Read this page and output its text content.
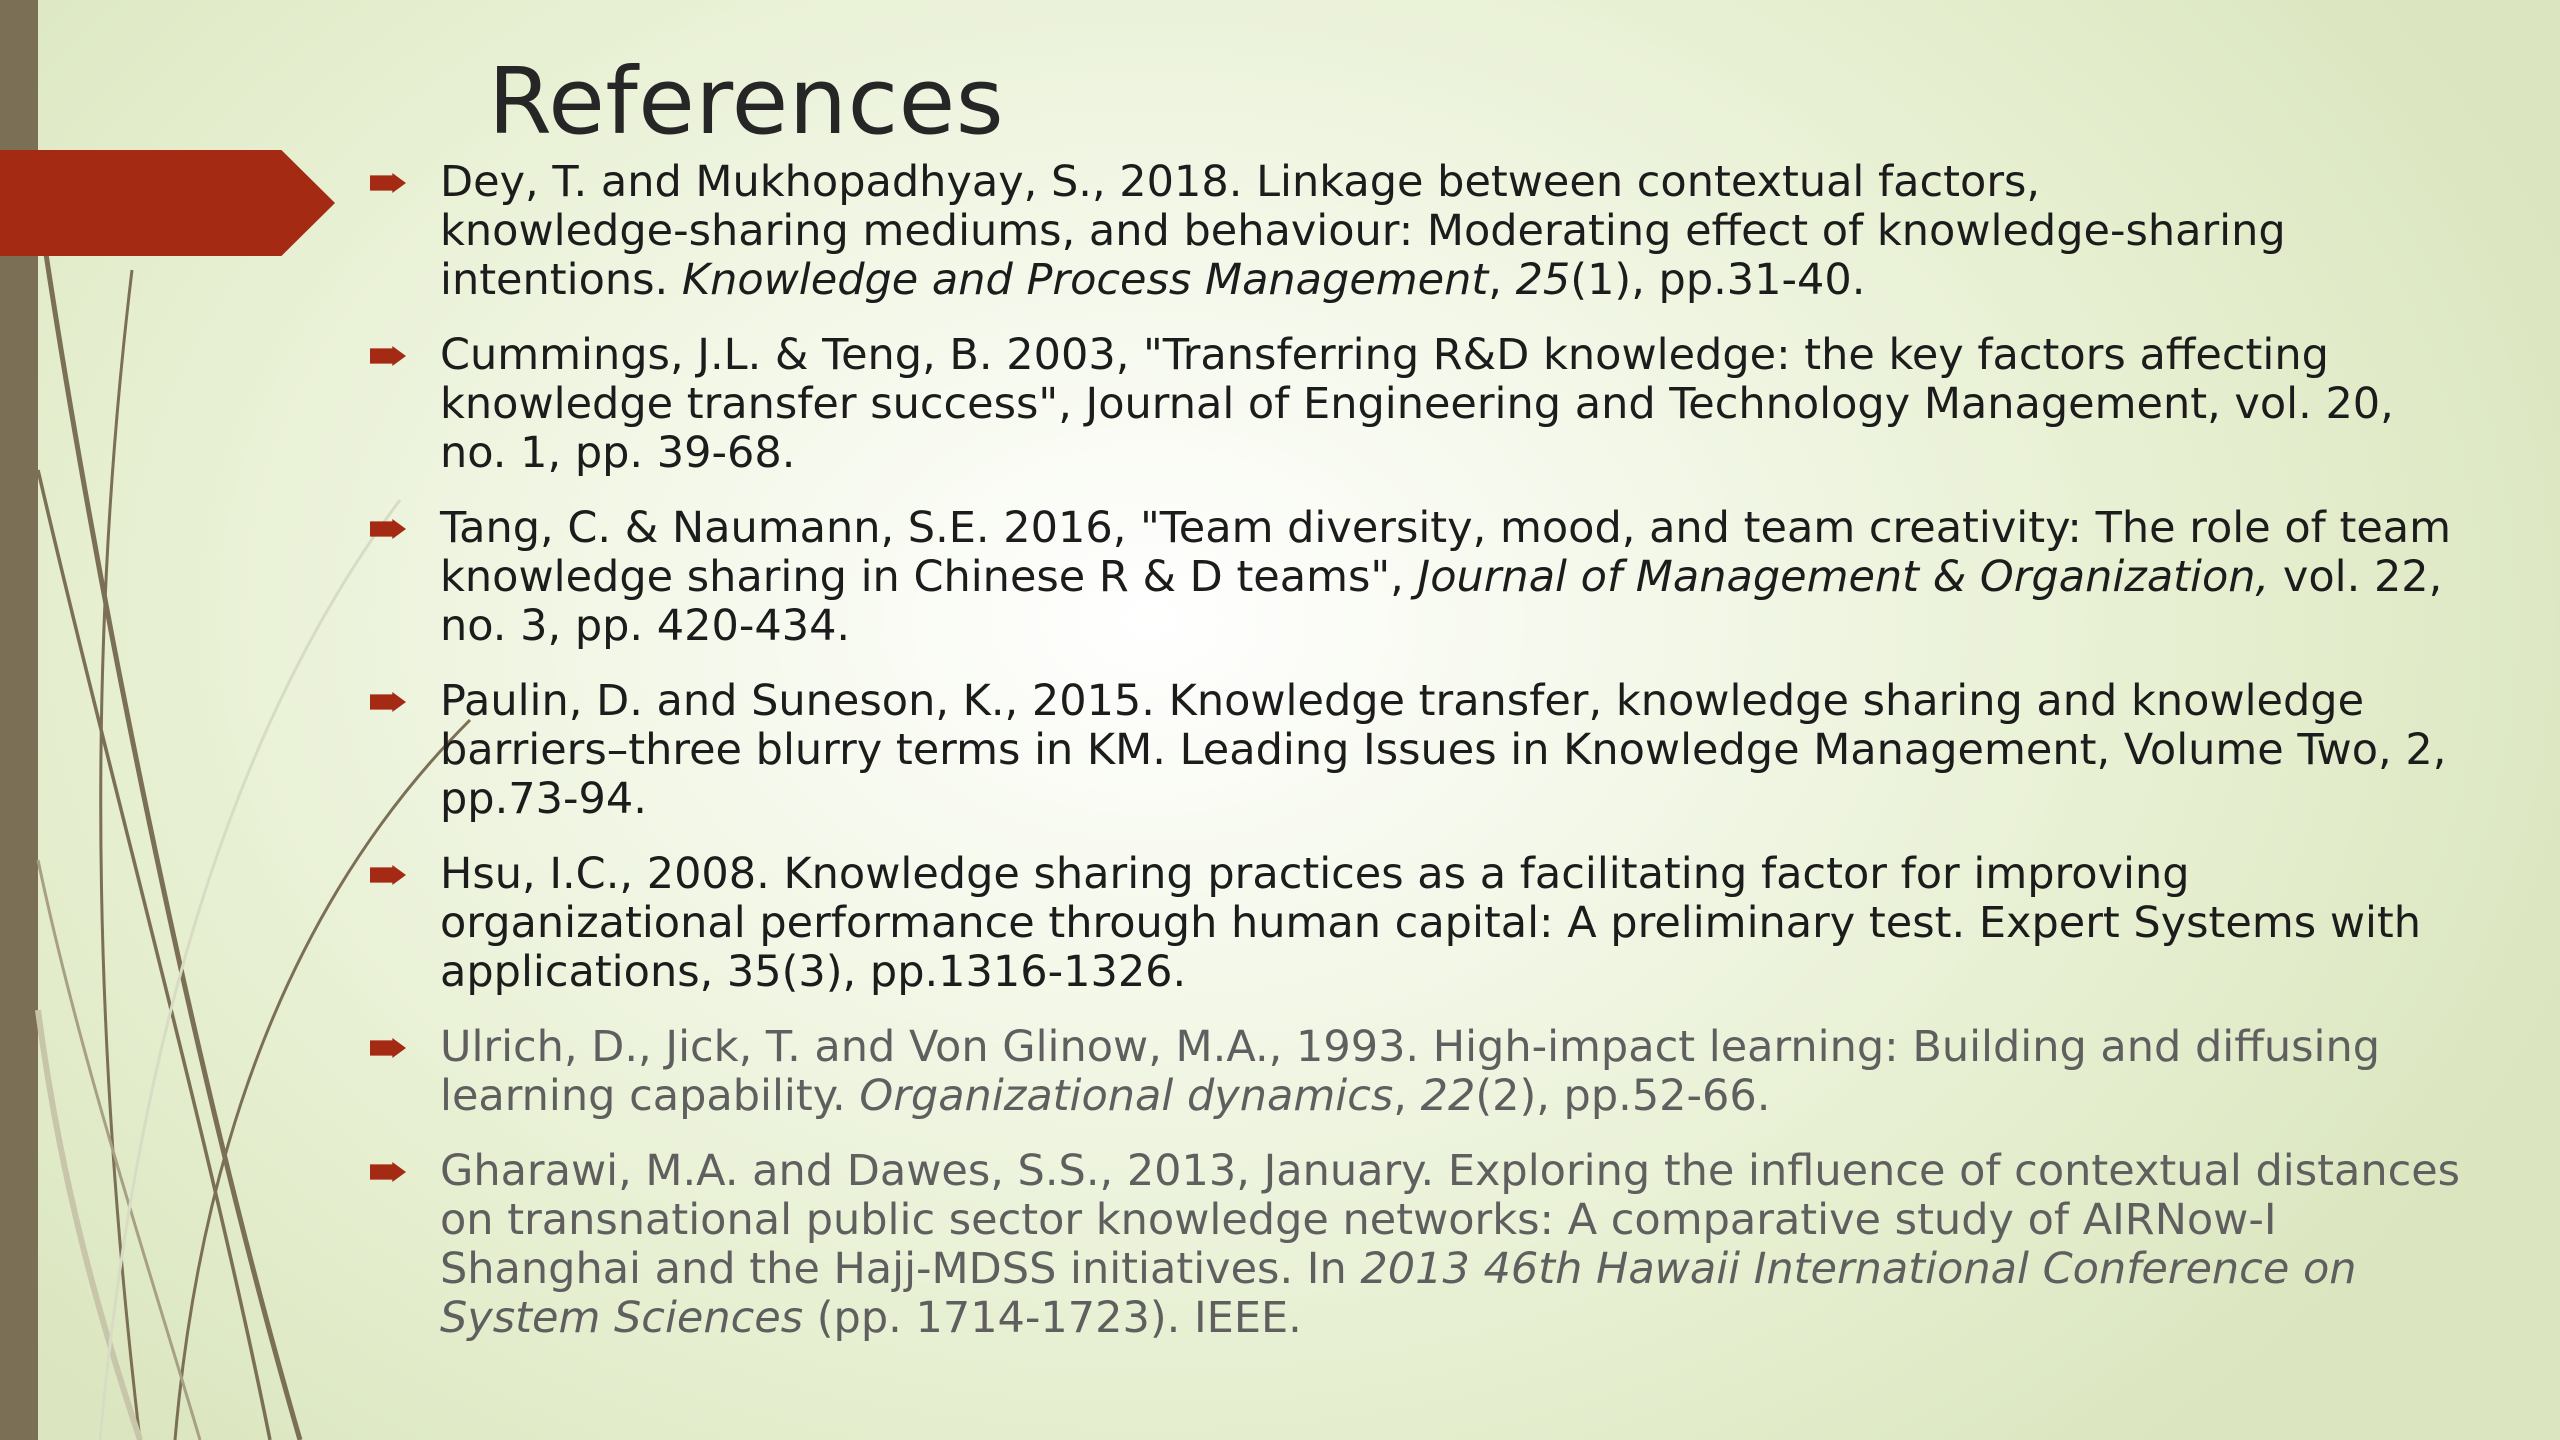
References
Dey, T. and Mukhopadhyay, S., 2018. Linkage between contextual factors,
knowledge-sharing mediums, and behaviour: Moderating effect of knowledge-sharing
intentions. Knowledge and Process Management, 25(1), pp.31-40.
Cummings, J.L. & Teng, B. 2003, "Transferring R&D knowledge: the key factors affecting
knowledge transfer success", Journal of Engineering and Technology Management, vol. 20,
no. 1, pp. 39-68.
Tang, C. & Naumann, S.E. 2016, "Team diversity, mood, and team creativity: The role of team
knowledge sharing in Chinese R & D teams", Journal of Management & Organization, vol. 22,
no. 3, pp. 420-434.
Paulin, D. and Suneson, K., 2015. Knowledge transfer, knowledge sharing and knowledge
barriers–three blurry terms in KM. Leading Issues in Knowledge Management, Volume Two, 2,
pp.73-94.
Hsu, I.C., 2008. Knowledge sharing practices as a facilitating factor for improving
organizational performance through human capital: A preliminary test. Expert Systems with
applications, 35(3), pp.1316-1326.
Ulrich, D., Jick, T. and Von Glinow, M.A., 1993. High-impact learning: Building and diffusing
learning capability. Organizational dynamics, 22(2), pp.52-66.
Gharawi, M.A. and Dawes, S.S., 2013, January. Exploring the influence of contextual distances
on transnational public sector knowledge networks: A comparative study of AIRNow-I
Shanghai and the Hajj-MDSS initiatives. In 2013 46th Hawaii International Conference on
System Sciences (pp. 1714-1723). IEEE.
